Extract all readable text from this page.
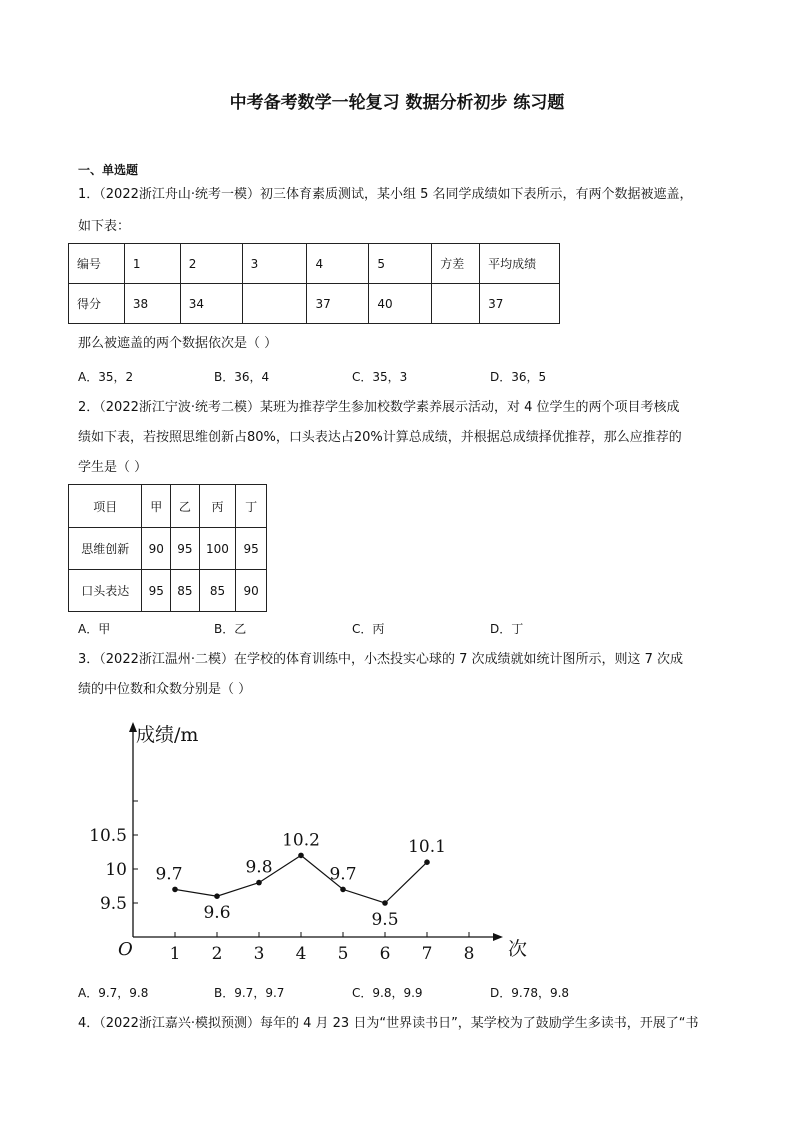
中考备考数学一轮复习 数据分析初步 练习题
一、单选题
1．（2022浙江舟山·统考一模）初三体育素质测试，某小组 5 名同学成绩如下表所示，有两个数据被遮盖，
如下表：
编号	1	2	3	4	5	方差	平均成绩
得分	38	34		37	40		37
那么被遮盖的两个数据依次是（ ）
A．35，2	B．36，4	C．35，3	D．36，5
2．（2022浙江宁波·统考二模）某班为推荐学生参加校数学素养展示活动，对 4 位学生的两个项目考核成
绩如下表，若按照思维创新占80%，口头表达占20%计算总成绩，并根据总成绩择优推荐，那么应推荐的
学生是（ ）
项目	甲	乙	丙	丁
思维创新	90	95	100	95
口头表达	95	85	85	90
A．甲	B．乙	C．丙	D．丁
3．（2022浙江温州·二模）在学校的体育训练中，小杰投实心球的 7 次成绩就如统计图所示，则这 7 次成
绩的中位数和众数分别是（ ）
成绩/m
次
O 1 2 3 4 5 6 7 8
9.5
10
10.5
9.7
9.6
9.8
10.2
9.7
9.5
10.1
A．9.7，9.8	B．9.7，9.7	C．9.8，9.9	D．9.78，9.8
4．（2022浙江嘉兴·模拟预测）每年的 4 月 23 日为“世界读书日”，某学校为了鼓励学生多读书，开展了“书
